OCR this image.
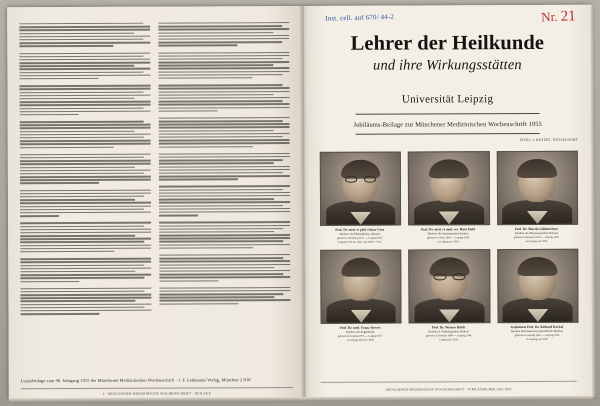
Luxusbeilage zum 96. Jahrgang 1955 der Münchener Medizinischen Wochenschrift · J. F. Lehmanns Verlag, München 2 NW
1 · MÜNCHENER MEDIZINISCHE WOCHENSCHRIFT · BEILAGE
Inst. cell. auf 670/ 44-2	Nr. 21
Lehrer der Heilkunde
und ihre Wirkungsstätten
Universität Leipzig
Jubiläums-Beilage zur Münchener Medizinischen Wochenschrift 1955
FOTO: J. BEYERT, DÜSSELDORF
Prof. Dr. med. et phil. Oskar Gros
Direktor des Pharmakolog. Instituts
geboren in Freiburg 1877 — Leipzig 1947
Leipzig 1913 bis 1947, seit 1919 o. Prof.
Prof. Dr. med. et med. vet. Hans Held
Direktor des Anatomischen Instituts
geboren in Wien 1866 — Leipzig 1942
in Leipzig seit 1902
Prof. Dr. Martin Gildemeister
Direktor des Physiologischen Instituts
geboren in Bremen 1876 — Leipzig 1943
in Leipzig seit 1926
Prof. Dr. med. Franz Sievert
Direktor der Augenklinik
geboren in Leipzig 1873 — Leipzig 1957
in Leipzig 1914 bis 1939
Prof. Dr. Werner Rindt
Direktor d. Pathologischen Instituts
geboren in Dresden 1880 — Leipzig 1948
Leipzig seit 1926
Geheimrat Prof. Dr. Richard Kockel
Direktor des Instituts für gerichtliche Medizin
geboren in Leipzig 1865 — Leipzig 1934
in Leipzig seit 1900
MÜNCHENER MEDIZINISCHE WOCHENSCHRIFT · JUBILÄUMS-BEILAGE 1955
